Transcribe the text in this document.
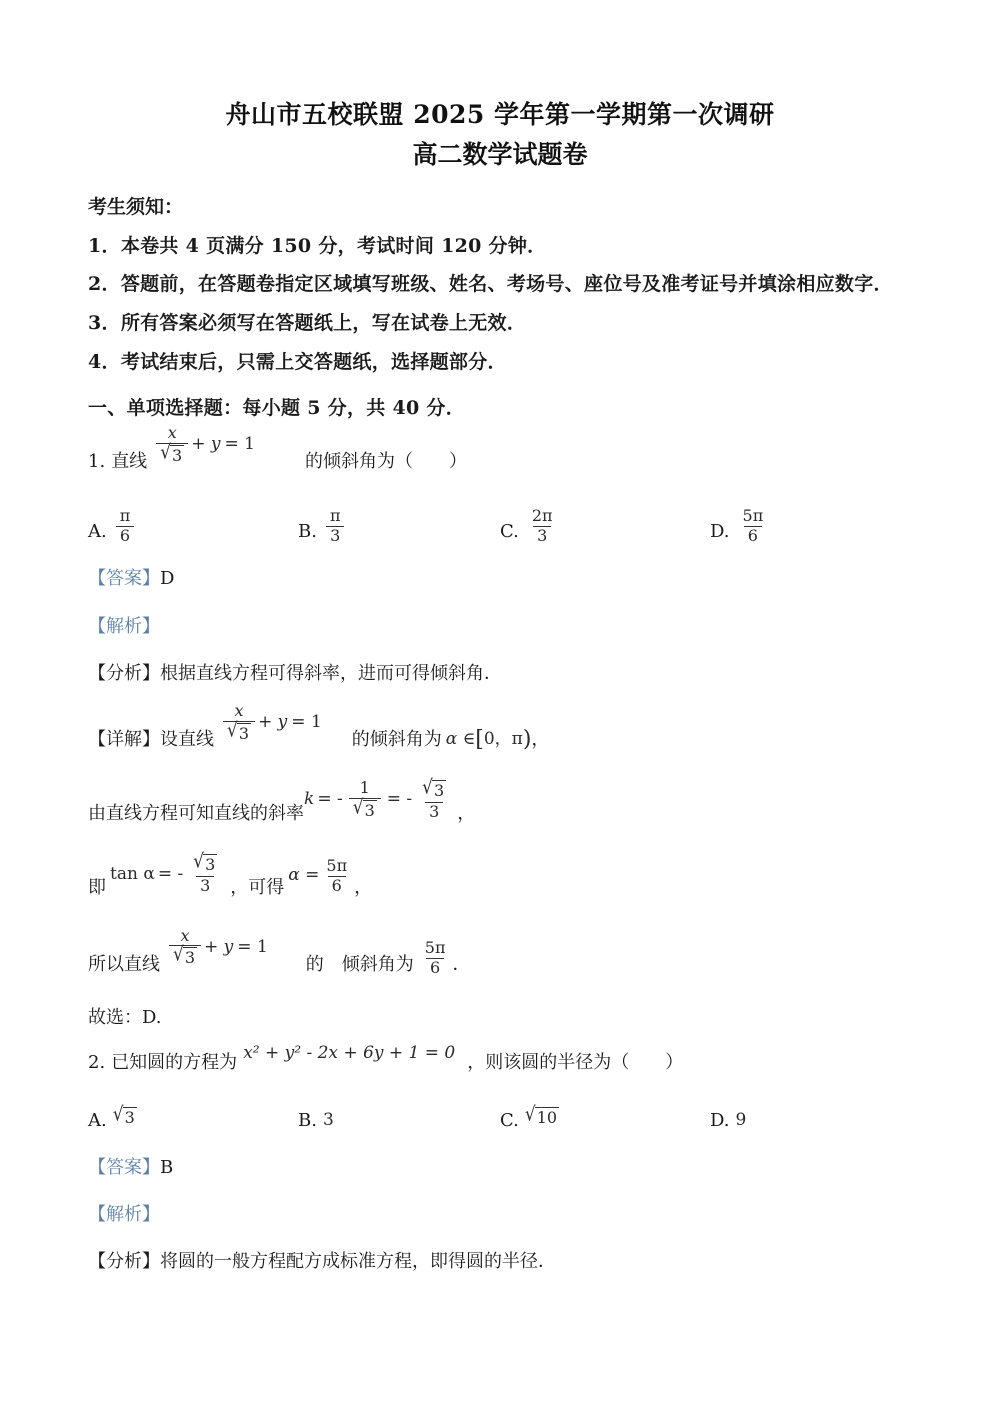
舟山市五校联盟 2025 学年第一学期第一次调研
高二数学试题卷
考生须知：
1．本卷共 4 页满分 150 分，考试时间 120 分钟．
2．答题前，在答题卷指定区域填写班级、姓名、考场号、座位号及准考证号并填涂相应数字．
3．所有答案必须写在答题纸上，写在试卷上无效．
4．考试结束后，只需上交答题纸，选择题部分．
一、单项选择题：每小题 5 分，共 40 分．
1. 直线 $\frac{x}{√ 3} + y = 1$
的倾斜角为 （　　）
A. $\frac{\pi}{6}$	B. $\frac{\pi}{3}$	C. $\frac{2\pi}{3}$	D. $\frac{5\pi}{6}$
【答案】D
【解析】
【分析】根据直线方程可得斜率，进而可得倾斜角．
【详解】 设直线 $\frac{x}{√ 3} + y = 1$
的倾斜角为 α ∈ [ 0，π ) ，
由直线方程可知直线的斜率
k = - $\frac{1}{√ 3}$ = - $\frac{√ 3}{3}$ ，
即
tan α = - $\frac{√ 3}{3}$ ，可得
$\alpha = \frac{5\pi}{6}$ ，
所以直线 $\frac{x}{√ 3} + y = 1$
的　倾斜角为 $\frac{5\pi}{6}$ ．
故选：D.
2. 已知圆的方程为 x² + y² - 2x + 6y + 1 = 0 ，则该圆的半径为 （　　）
A. √ 3	B. 3	C. √ 10	D. 9
【答案】B
【解析】
【分析】将圆的一般方程配方成标准方程，即得圆的半径．
